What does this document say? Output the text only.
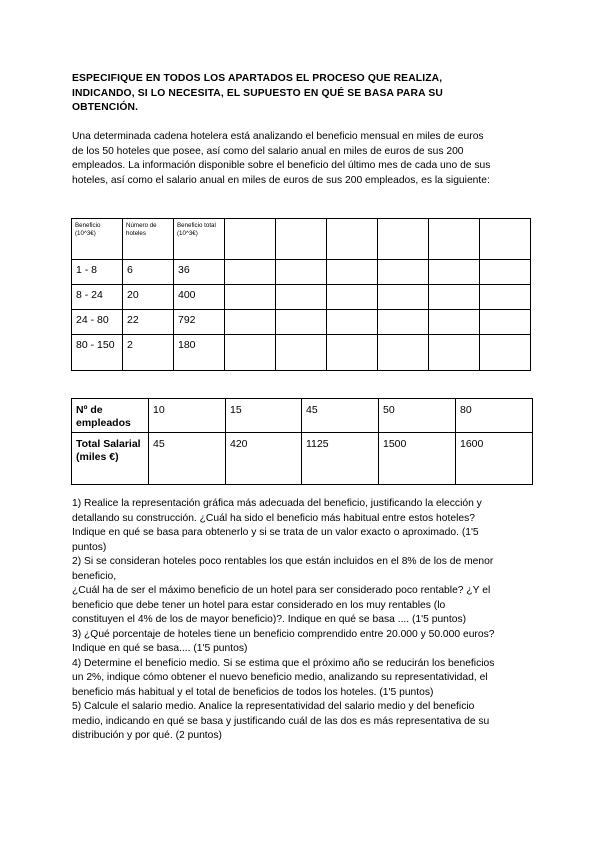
ESPECIFIQUE EN TODOS LOS APARTADOS EL PROCESO QUE REALIZA,
INDICANDO, SI LO NECESITA, EL SUPUESTO EN QUÉ SE BASA PARA SU
OBTENCIÓN.
Una determinada cadena hotelera está analizando el beneficio mensual en miles de euros
de los 50 hoteles que posee, así como del salario anual en miles de euros de sus 200
empleados. La información disponible sobre el beneficio del último mes de cada uno de sus
hoteles, así como el salario anual en miles de euros de sus 200 empleados, es la siguiente:
Beneficio (10^3€)	Número de hoteles	Beneficio total (10^3€)						
1 - 8	6	36						
8 - 24	20	400						
24 - 80	22	792						
80 - 150	2	180						
Nº de empleados	10	15	45	50	80
Total Salarial (miles €)	45	420	1125	1500	1600
1) Realice la representación gráfica más adecuada del beneficio, justificando la elección y
detallando su construcción. ¿Cuál ha sido el beneficio más habitual entre estos hoteles?
Indique en qué se basa para obtenerlo y si se trata de un valor exacto o aproximado. (1'5
puntos)
2) Si se consideran hoteles poco rentables los que están incluidos en el 8% de los de menor
beneficio,
¿Cuál ha de ser el máximo beneficio de un hotel para ser considerado poco rentable? ¿Y el
beneficio que debe tener un hotel para estar considerado en los muy rentables (lo
constituyen el 4% de los de mayor beneficio)?. Indique en qué se basa .... (1'5 puntos)
3) ¿Qué porcentaje de hoteles tiene un beneficio comprendido entre 20.000 y 50.000 euros?
Indique en qué se basa.... (1'5 puntos)
4) Determine el beneficio medio. Si se estima que el próximo año se reducirán los beneficios
un 2%, indique cómo obtener el nuevo beneficio medio, analizando su representatividad, el
beneficio más habitual y el total de beneficios de todos los hoteles. (1'5 puntos)
5) Calcule el salario medio. Analice la representatividad del salario medio y del beneficio
medio, indicando en qué se basa y justificando cuál de las dos es más representativa de su
distribución y por qué. (2 puntos)
